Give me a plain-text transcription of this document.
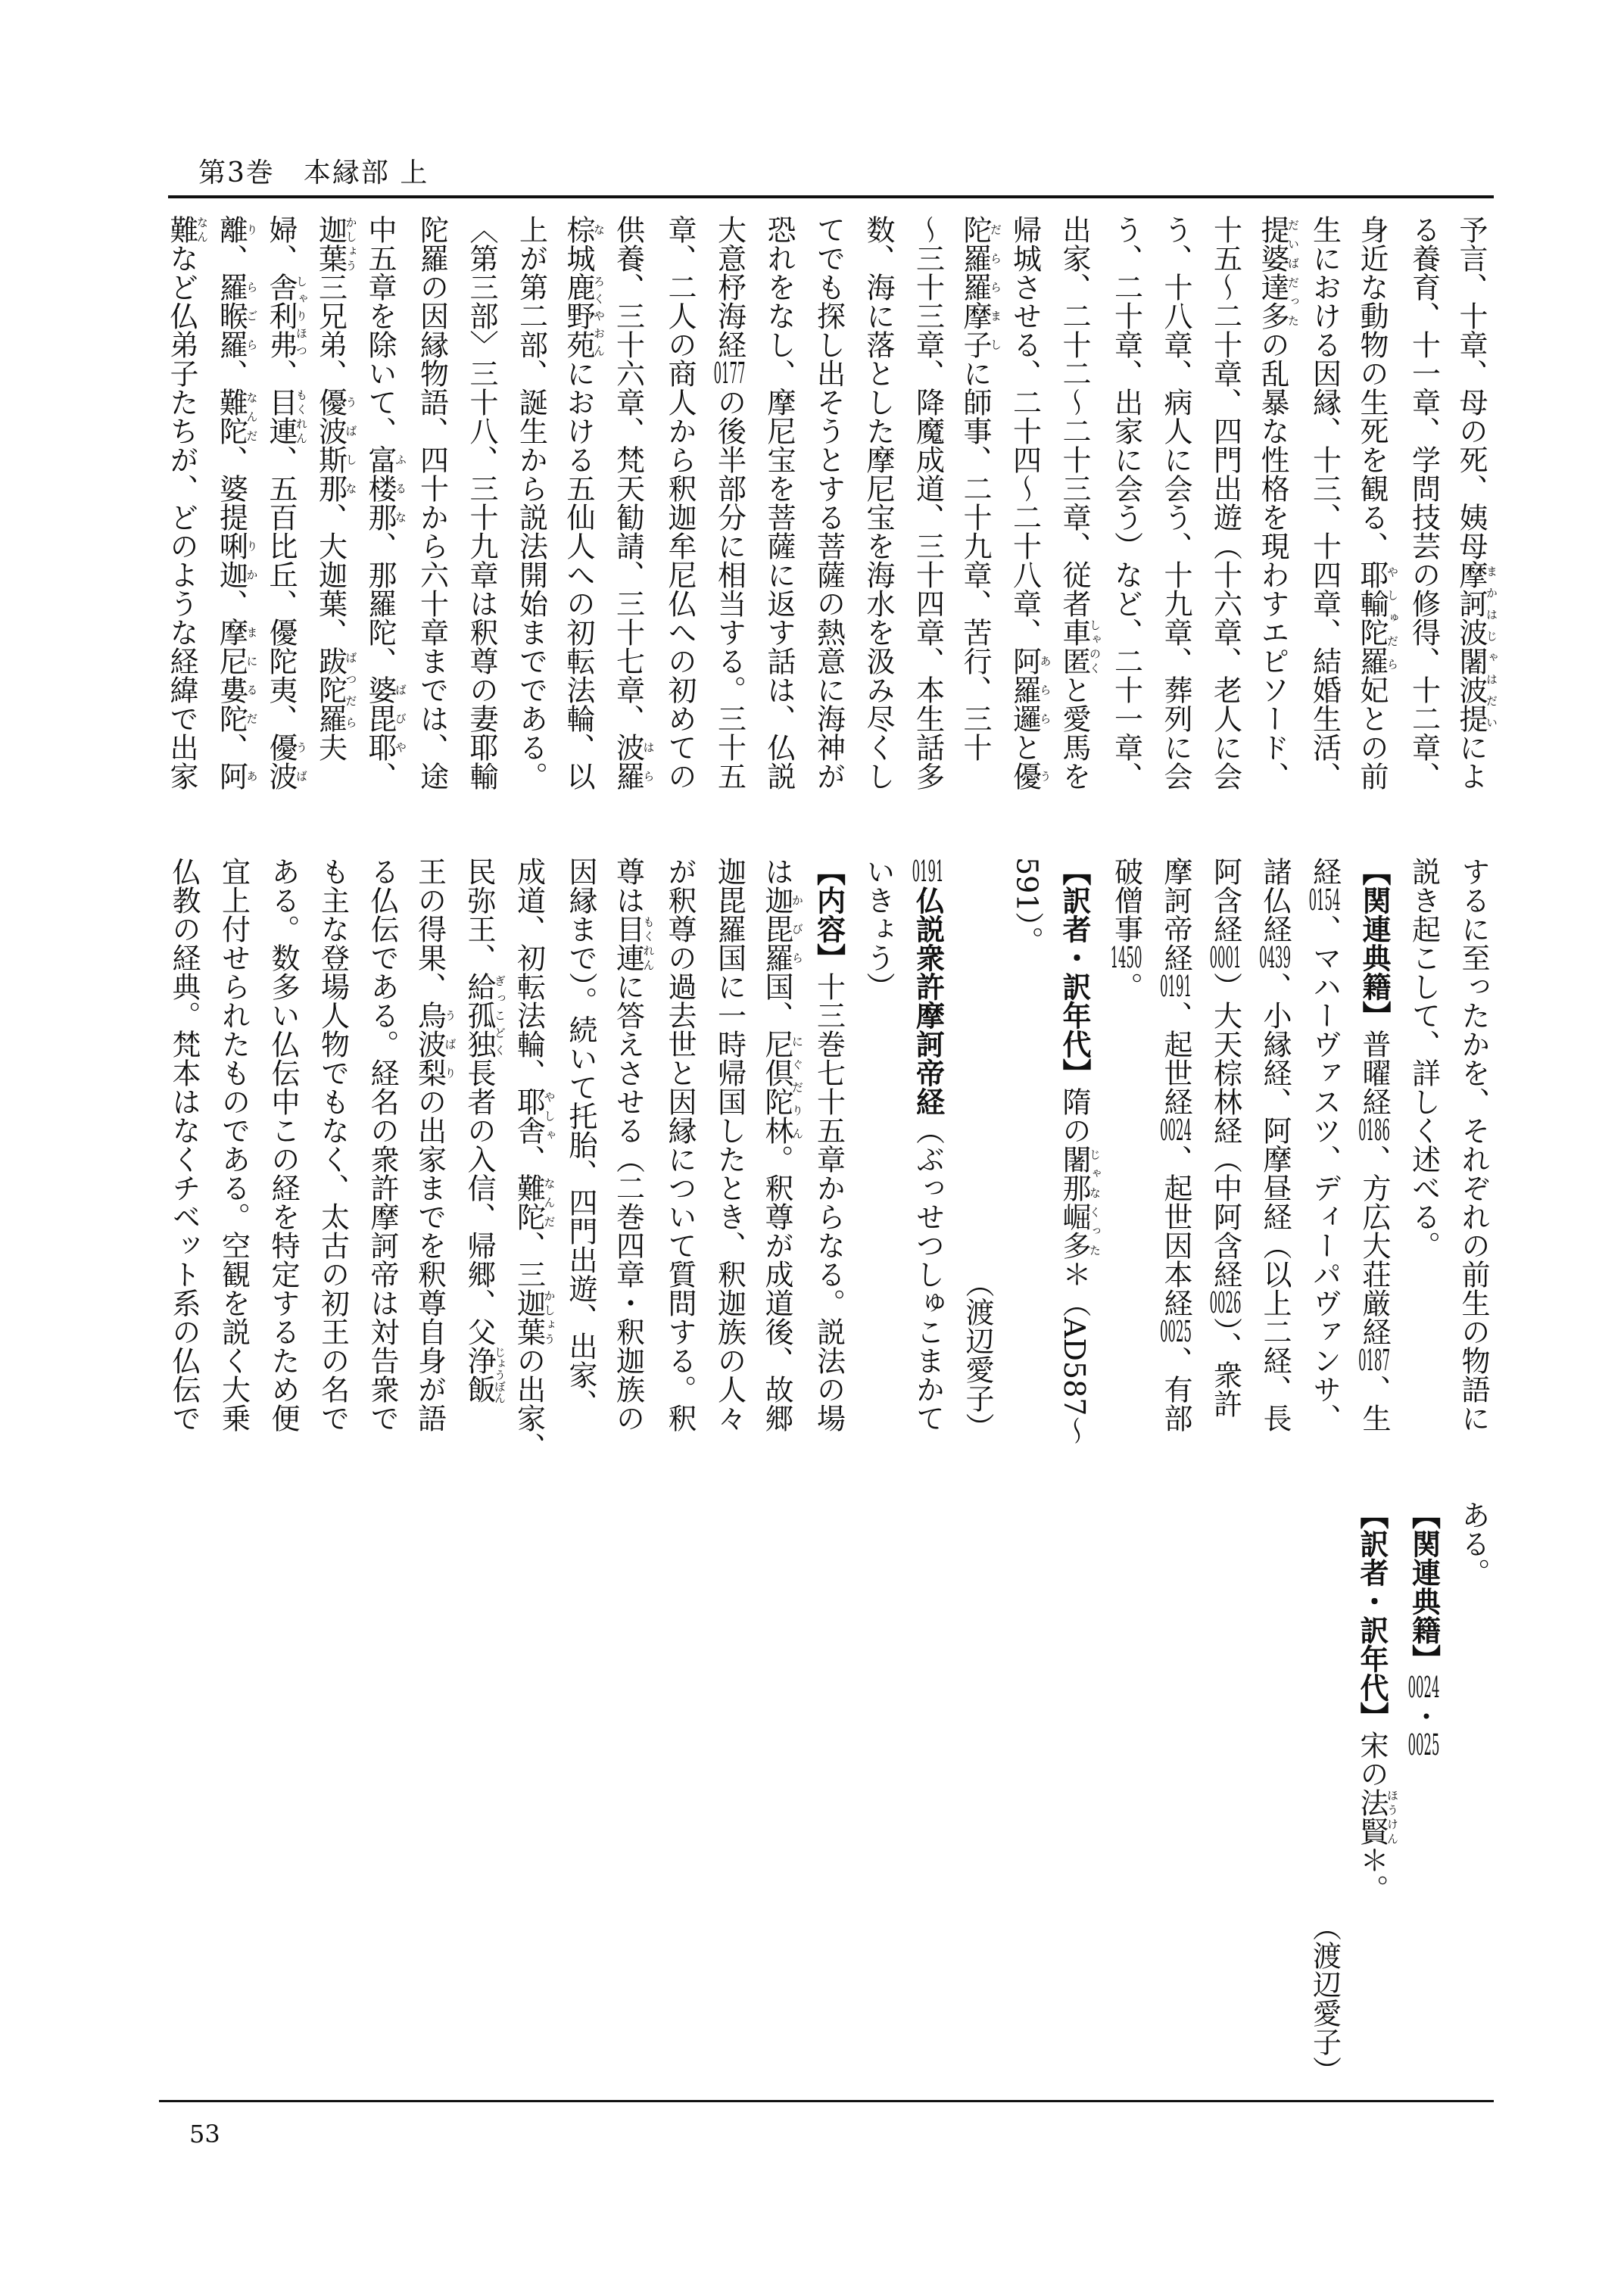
第3巻　本縁部 上
予言、十章、母の死、姨母摩訶波闍波提まかはじゃはだいによ
る養育、十一章、学問技芸の修得、十二章、
身近な動物の生死を観る、耶輸陀羅やしゅだら妃との前
生における因縁、十三、十四章、結婚生活、
提婆達多だいばだったの乱暴な性格を現わすエピソード、
十五〜二十章、四門出遊（十六章、老人に会
う、十八章、病人に会う、十九章、葬列に会
う、二十章、出家に会う）など、二十一章、
出家、二十二〜二十三章、従者車匿しゃのくと愛馬を
帰城させる、二十四〜二十八章、阿羅邏あららと優う
陀羅羅摩子だららましに師事、二十九章、苦行、三十
〜三十三章、降魔成道、三十四章、本生話多
数、海に落とした摩尼宝を海水を汲み尽くし
てでも探し出そうとする菩薩の熱意に海神が
恐れをなし、摩尼宝を菩薩に返す話は、仏説
大意杼海経0177の後半部分に相当する。三十五
章、二人の商人から釈迦牟尼仏への初めての
供養、三十六章、梵天勧請、三十七章、波羅はら
棕な城鹿野苑ろくやおんにおける五仙人への初転法輪、以
上が第二部、誕生から説法開始までである。
〈第三部〉三十八、三十九章は釈尊の妻耶輸
陀羅の因縁物語、四十から六十章までは、途
中五章を除いて、富楼那ふるな、那羅陀、婆毘耶ばびや、
迦葉かしょう三兄弟、優波斯那うばしな、大迦葉、跋陀羅ばつだら夫
婦、舎利弗しゃりほつ、目連もくれん、五百比丘、優陀夷、優波うば
離り、羅睺羅らごら、難陀なんだ、婆提唎迦りか、摩尼婁陀まにるだ、阿あ
難なんなど仏弟子たちが、どのような経緯で出家
するに至ったかを、それぞれの前生の物語に
説き起こして、詳しく述べる。
【関連典籍】普曜経0186、方広大荘厳経0187、生
経0154、マハーヴァスツ、ディーパヴァンサ、
諸仏経0439、小縁経、阿摩昼経（以上二経、長
阿含経0001）大天棕林経（中阿含経0026）、衆許
摩訶帝経0191、起世経0024、起世因本経0025、有部
破僧事1450。
【訳者・訳年代】隋の闍那崛多じゃなくった＊（AD587〜
591）。
（渡辺愛子）
0191仏説衆許摩訶帝経（ぶっせつしゅこまかて
いきょう）
【内容】十三巻七十五章からなる。説法の場
は迦毘羅かびら国、尼倶陀林にぐだりん。釈尊が成道後、故郷
迦毘羅国に一時帰国したとき、釈迦族の人々
が釈尊の過去世と因縁について質問する。釈
尊は目連もくれんに答えさせる（二巻四章・釈迦族の
因縁まで）。続いて托胎、四門出遊、出家、
成道、初転法輪、耶舎やしゃ、難陀なんだ、三迦葉かしょうの出家、
民弥王、給孤独ぎっこどく長者の入信、帰郷、父浄飯じょうぼん
王の得果、烏波梨うばりの出家までを釈尊自身が語
る仏伝である。経名の衆許摩訶帝は対告衆で
も主な登場人物でもなく、太古の初王の名で
ある。数多い仏伝中この経を特定するため便
宜上付せられたものである。空観を説く大乗
仏教の経典。梵本はなくチベット系の仏伝で
ある。
【関連典籍】0024・0025
【訳者・訳年代】宋の法賢ほうけん＊。
（渡辺愛子）
53
